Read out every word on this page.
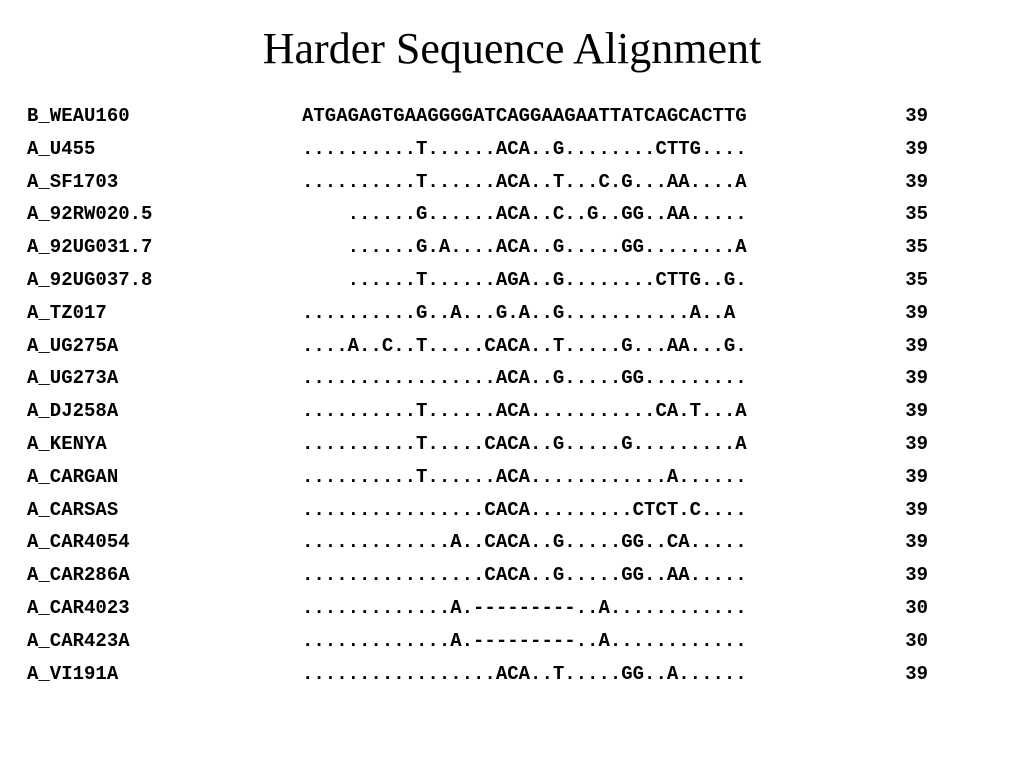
Harder Sequence Alignment
B_WEAU160	ATGAGAGTGAAGGGGATCAGGAAGAATTATCAGCACTTG	39
A_U455	..........T......ACA..G........CTTG....	39
A_SF1703	..........T......ACA..T...C.G...AA....A	39
A_92RW020.5	......G......ACA..C..G..GG..AA.....	35
A_92UG031.7	......G.A....ACA..G.....GG........A	35
A_92UG037.8	......T......AGA..G........CTTG..G.	35
A_TZ017	..........G..A...G.A..G...........A..A	39
A_UG275A	....A..C..T.....CACA..T.....G...AA...G.	39
A_UG273A	.................ACA..G.....GG.........	39
A_DJ258A	..........T......ACA...........CA.T...A	39
A_KENYA	..........T.....CACA..G.....G.........A	39
A_CARGAN	..........T......ACA............A......	39
A_CARSAS	................CACA.........CTCT.C....	39
A_CAR4054	.............A..CACA..G.....GG..CA.....	39
A_CAR286A	................CACA..G.....GG..AA.....	39
A_CAR4023	.............A.---------..A............	30
A_CAR423A	.............A.---------..A............	30
A_VI191A	.................ACA..T.....GG..A......	39
